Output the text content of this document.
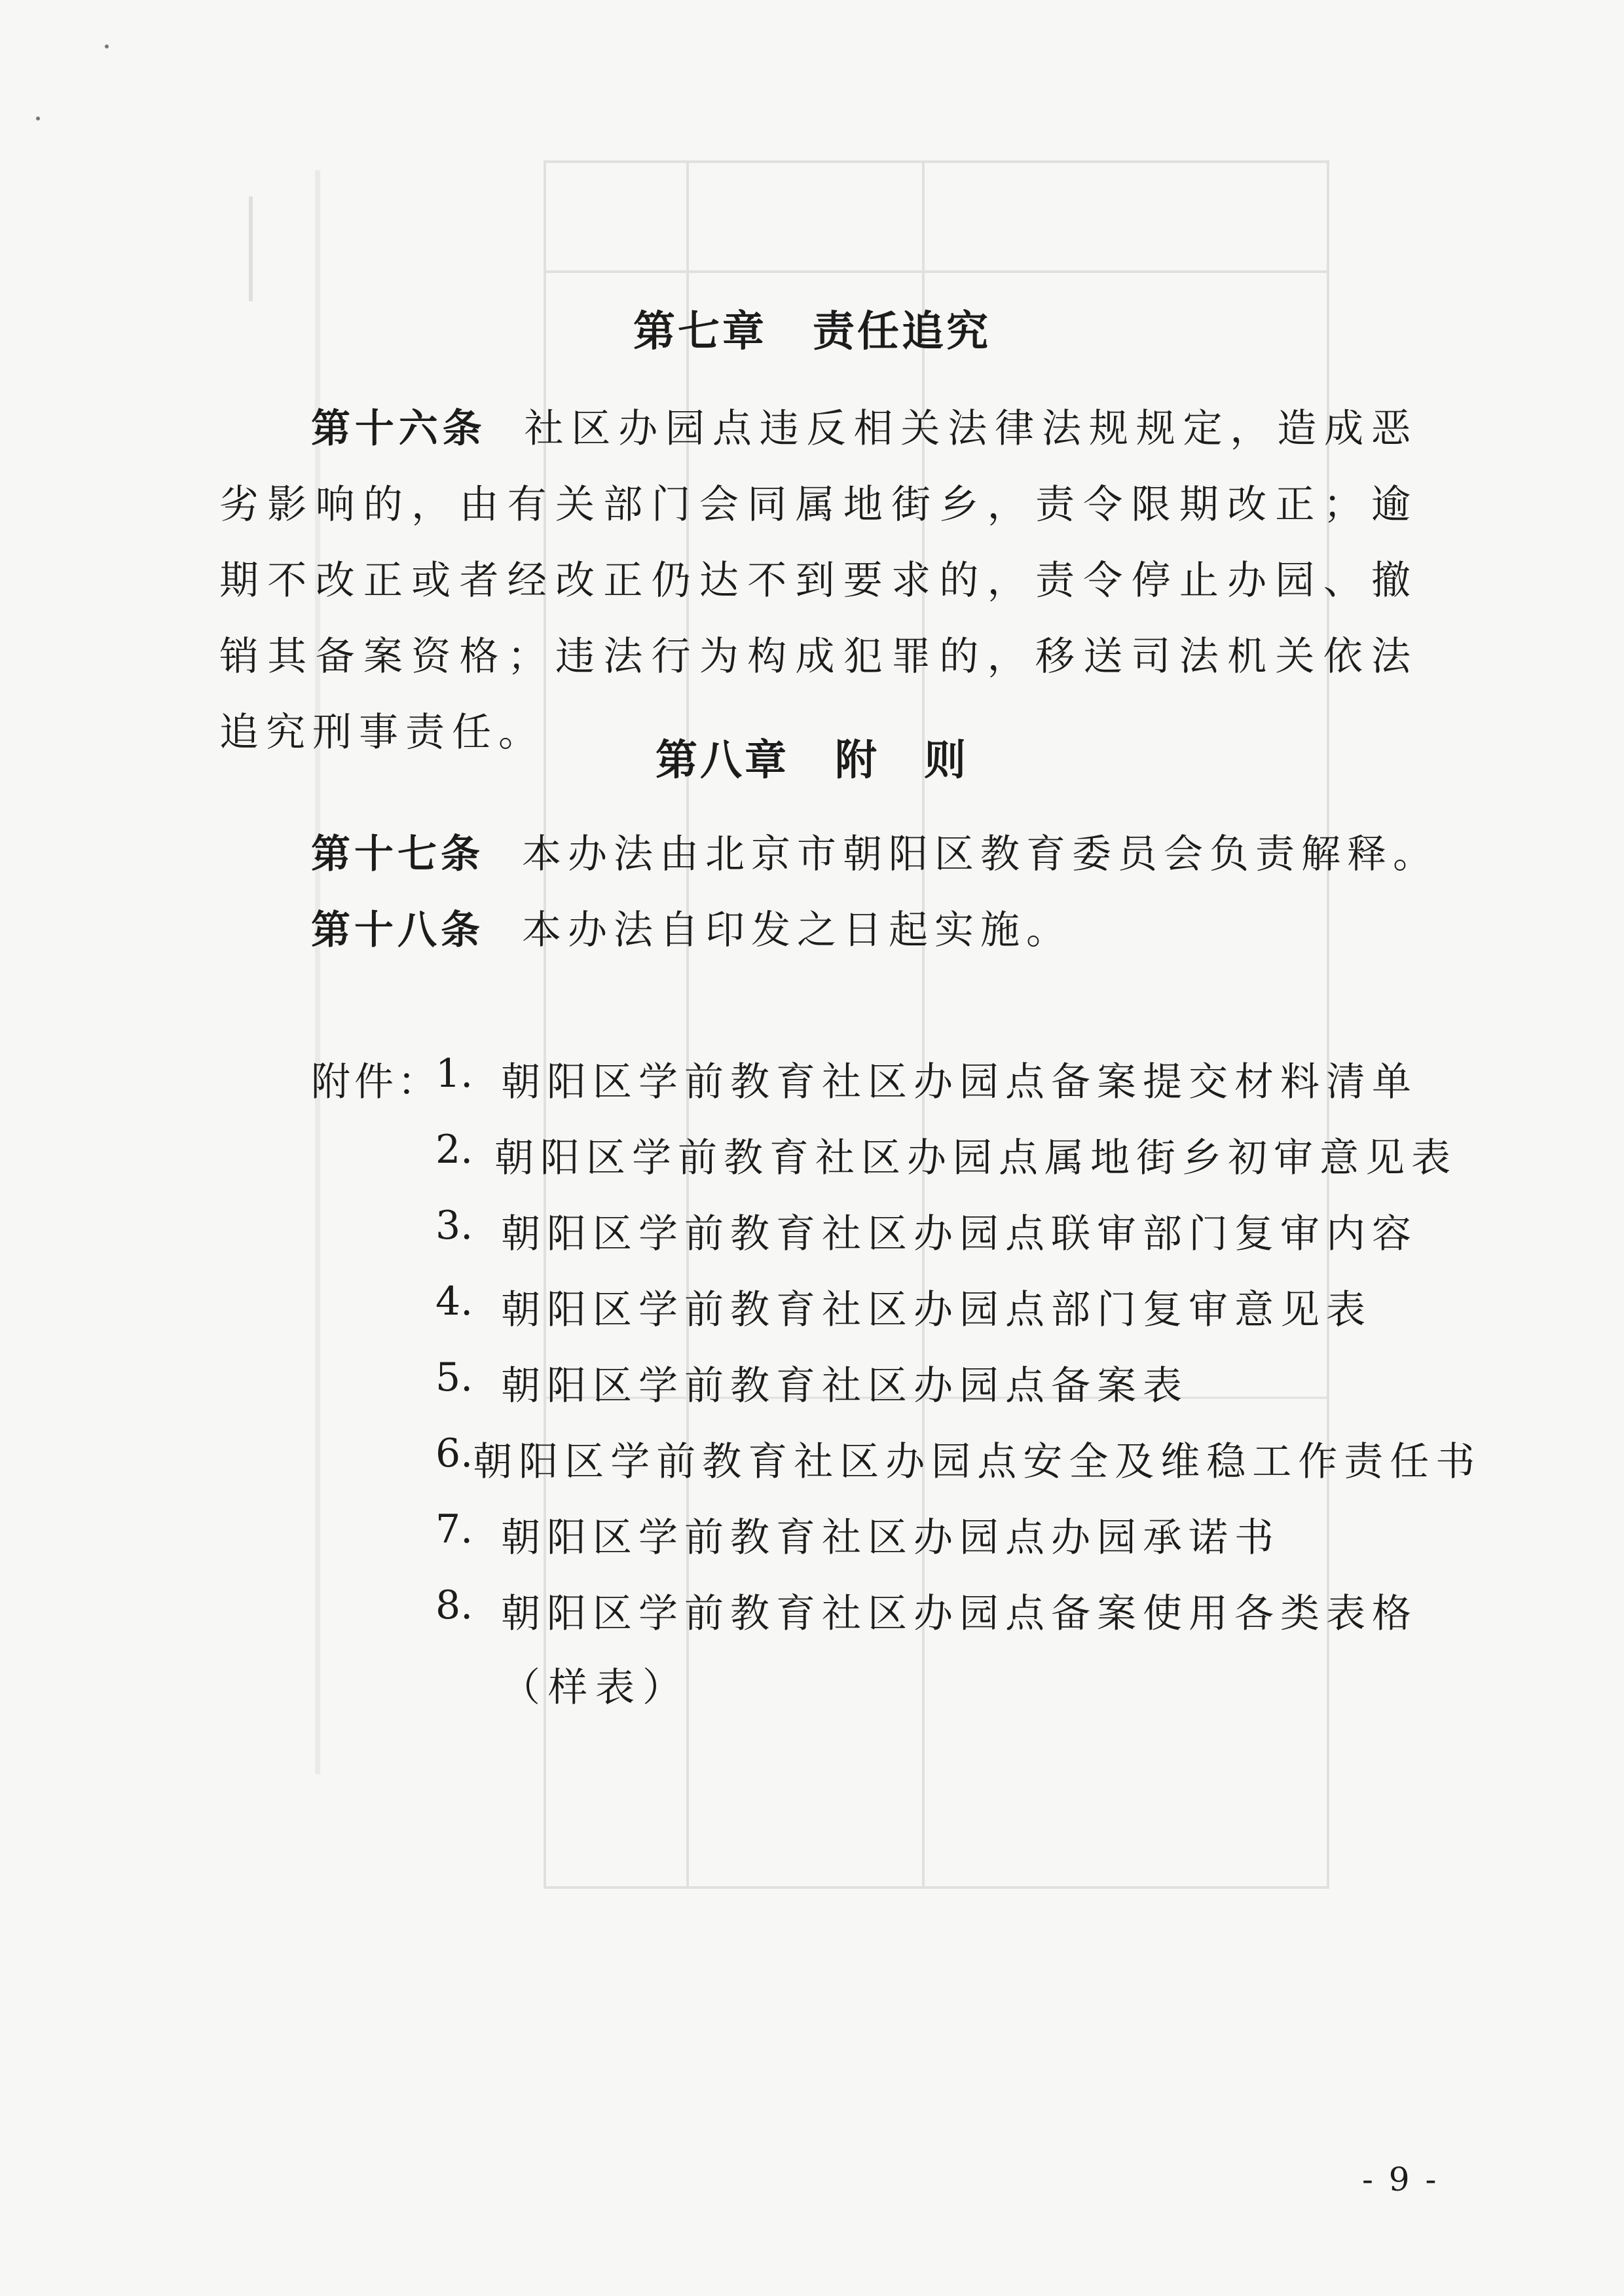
第七章 责任追究
第十六条 社区办园点违反相关法律法规规定，造成恶劣影响的，由有关部门会同属地街乡，责令限期改正；逾期不改正或者经改正仍达不到要求的，责令停止办园、撤销其备案资格；违法行为构成犯罪的，移送司法机关依法追究刑事责任。
第八章 附　则
第十七条 本办法由北京市朝阳区教育委员会负责解释。
第十八条 本办法自印发之日起实施。
附件：
1. 朝阳区学前教育社区办园点备案提交材料清单
2. 朝阳区学前教育社区办园点属地街乡初审意见表
3. 朝阳区学前教育社区办园点联审部门复审内容
4. 朝阳区学前教育社区办园点部门复审意见表
5. 朝阳区学前教育社区办园点备案表
6. 朝阳区学前教育社区办园点安全及维稳工作责任书
7. 朝阳区学前教育社区办园点办园承诺书
8. 朝阳区学前教育社区办园点备案使用各类表格
（样表）
- 9 -
